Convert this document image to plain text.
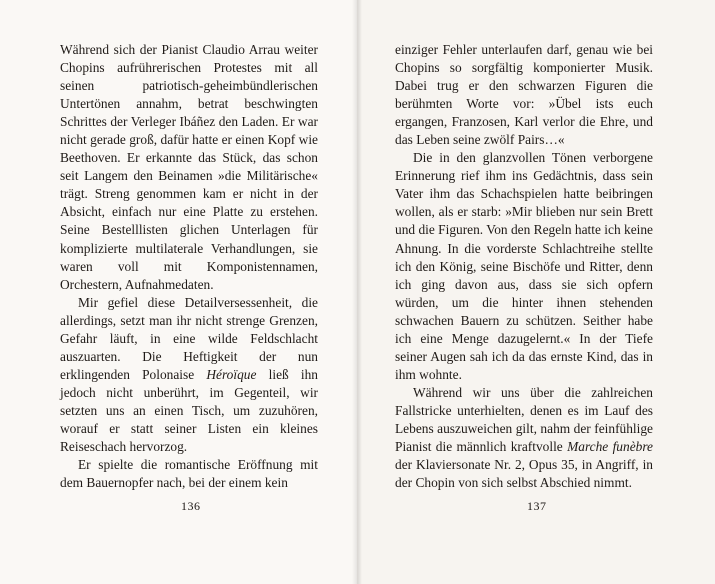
Während sich der Pianist Claudio Arrau weiter Chopins aufrührerischen Protestes mit all seinen patriotisch-geheimbündlerischen Untertönen annahm, betrat beschwingten Schrittes der Verleger Ibáñez den Laden. Er war nicht gerade groß, dafür hatte er einen Kopf wie Beethoven. Er erkannte das Stück, das schon seit Langem den Beinamen »die Militärische« trägt. Streng genommen kam er nicht in der Absicht, einfach nur eine Platte zu erstehen. Seine Bestelllisten glichen Unterlagen für komplizierte multilaterale Verhandlungen, sie waren voll mit Komponistennamen, Orchestern, Aufnahmedaten.

Mir gefiel diese Detailversessenheit, die allerdings, setzt man ihr nicht strenge Grenzen, Gefahr läuft, in eine wilde Feldschlacht auszuarten. Die Heftigkeit der nun erklingenden Polonaise Héroïque ließ ihn jedoch nicht unberührt, im Gegenteil, wir setzten uns an einen Tisch, um zuzuhören, worauf er statt seiner Listen ein kleines Reiseschach hervorzog.

Er spielte die romantische Eröffnung mit dem Bauernopfer nach, bei der einem kein

136

einziger Fehler unterlaufen darf, genau wie bei Chopins so sorgfältig komponierter Musik. Dabei trug er den schwarzen Figuren die berühmten Worte vor: »Übel ists euch ergangen, Franzosen, Karl verlor die Ehre, und das Leben seine zwölf Pairs…«

Die in den glanzvollen Tönen verborgene Erinnerung rief ihm ins Gedächtnis, dass sein Vater ihm das Schachspielen hatte beibringen wollen, als er starb: »Mir blieben nur sein Brett und die Figuren. Von den Regeln hatte ich keine Ahnung. In die vorderste Schlachtreihe stellte ich den König, seine Bischöfe und Ritter, denn ich ging davon aus, dass sie sich opfern würden, um die hinter ihnen stehenden schwachen Bauern zu schützen. Seither habe ich eine Menge dazugelernt.« In der Tiefe seiner Augen sah ich da das ernste Kind, das in ihm wohnte.

Während wir uns über die zahlreichen Fallstricke unterhielten, denen es im Lauf des Lebens auszuweichen gilt, nahm der feinfühlige Pianist die männlich kraftvolle Marche funèbre der Klaviersonate Nr. 2, Opus 35, in Angriff, in der Chopin von sich selbst Abschied nimmt.

137
